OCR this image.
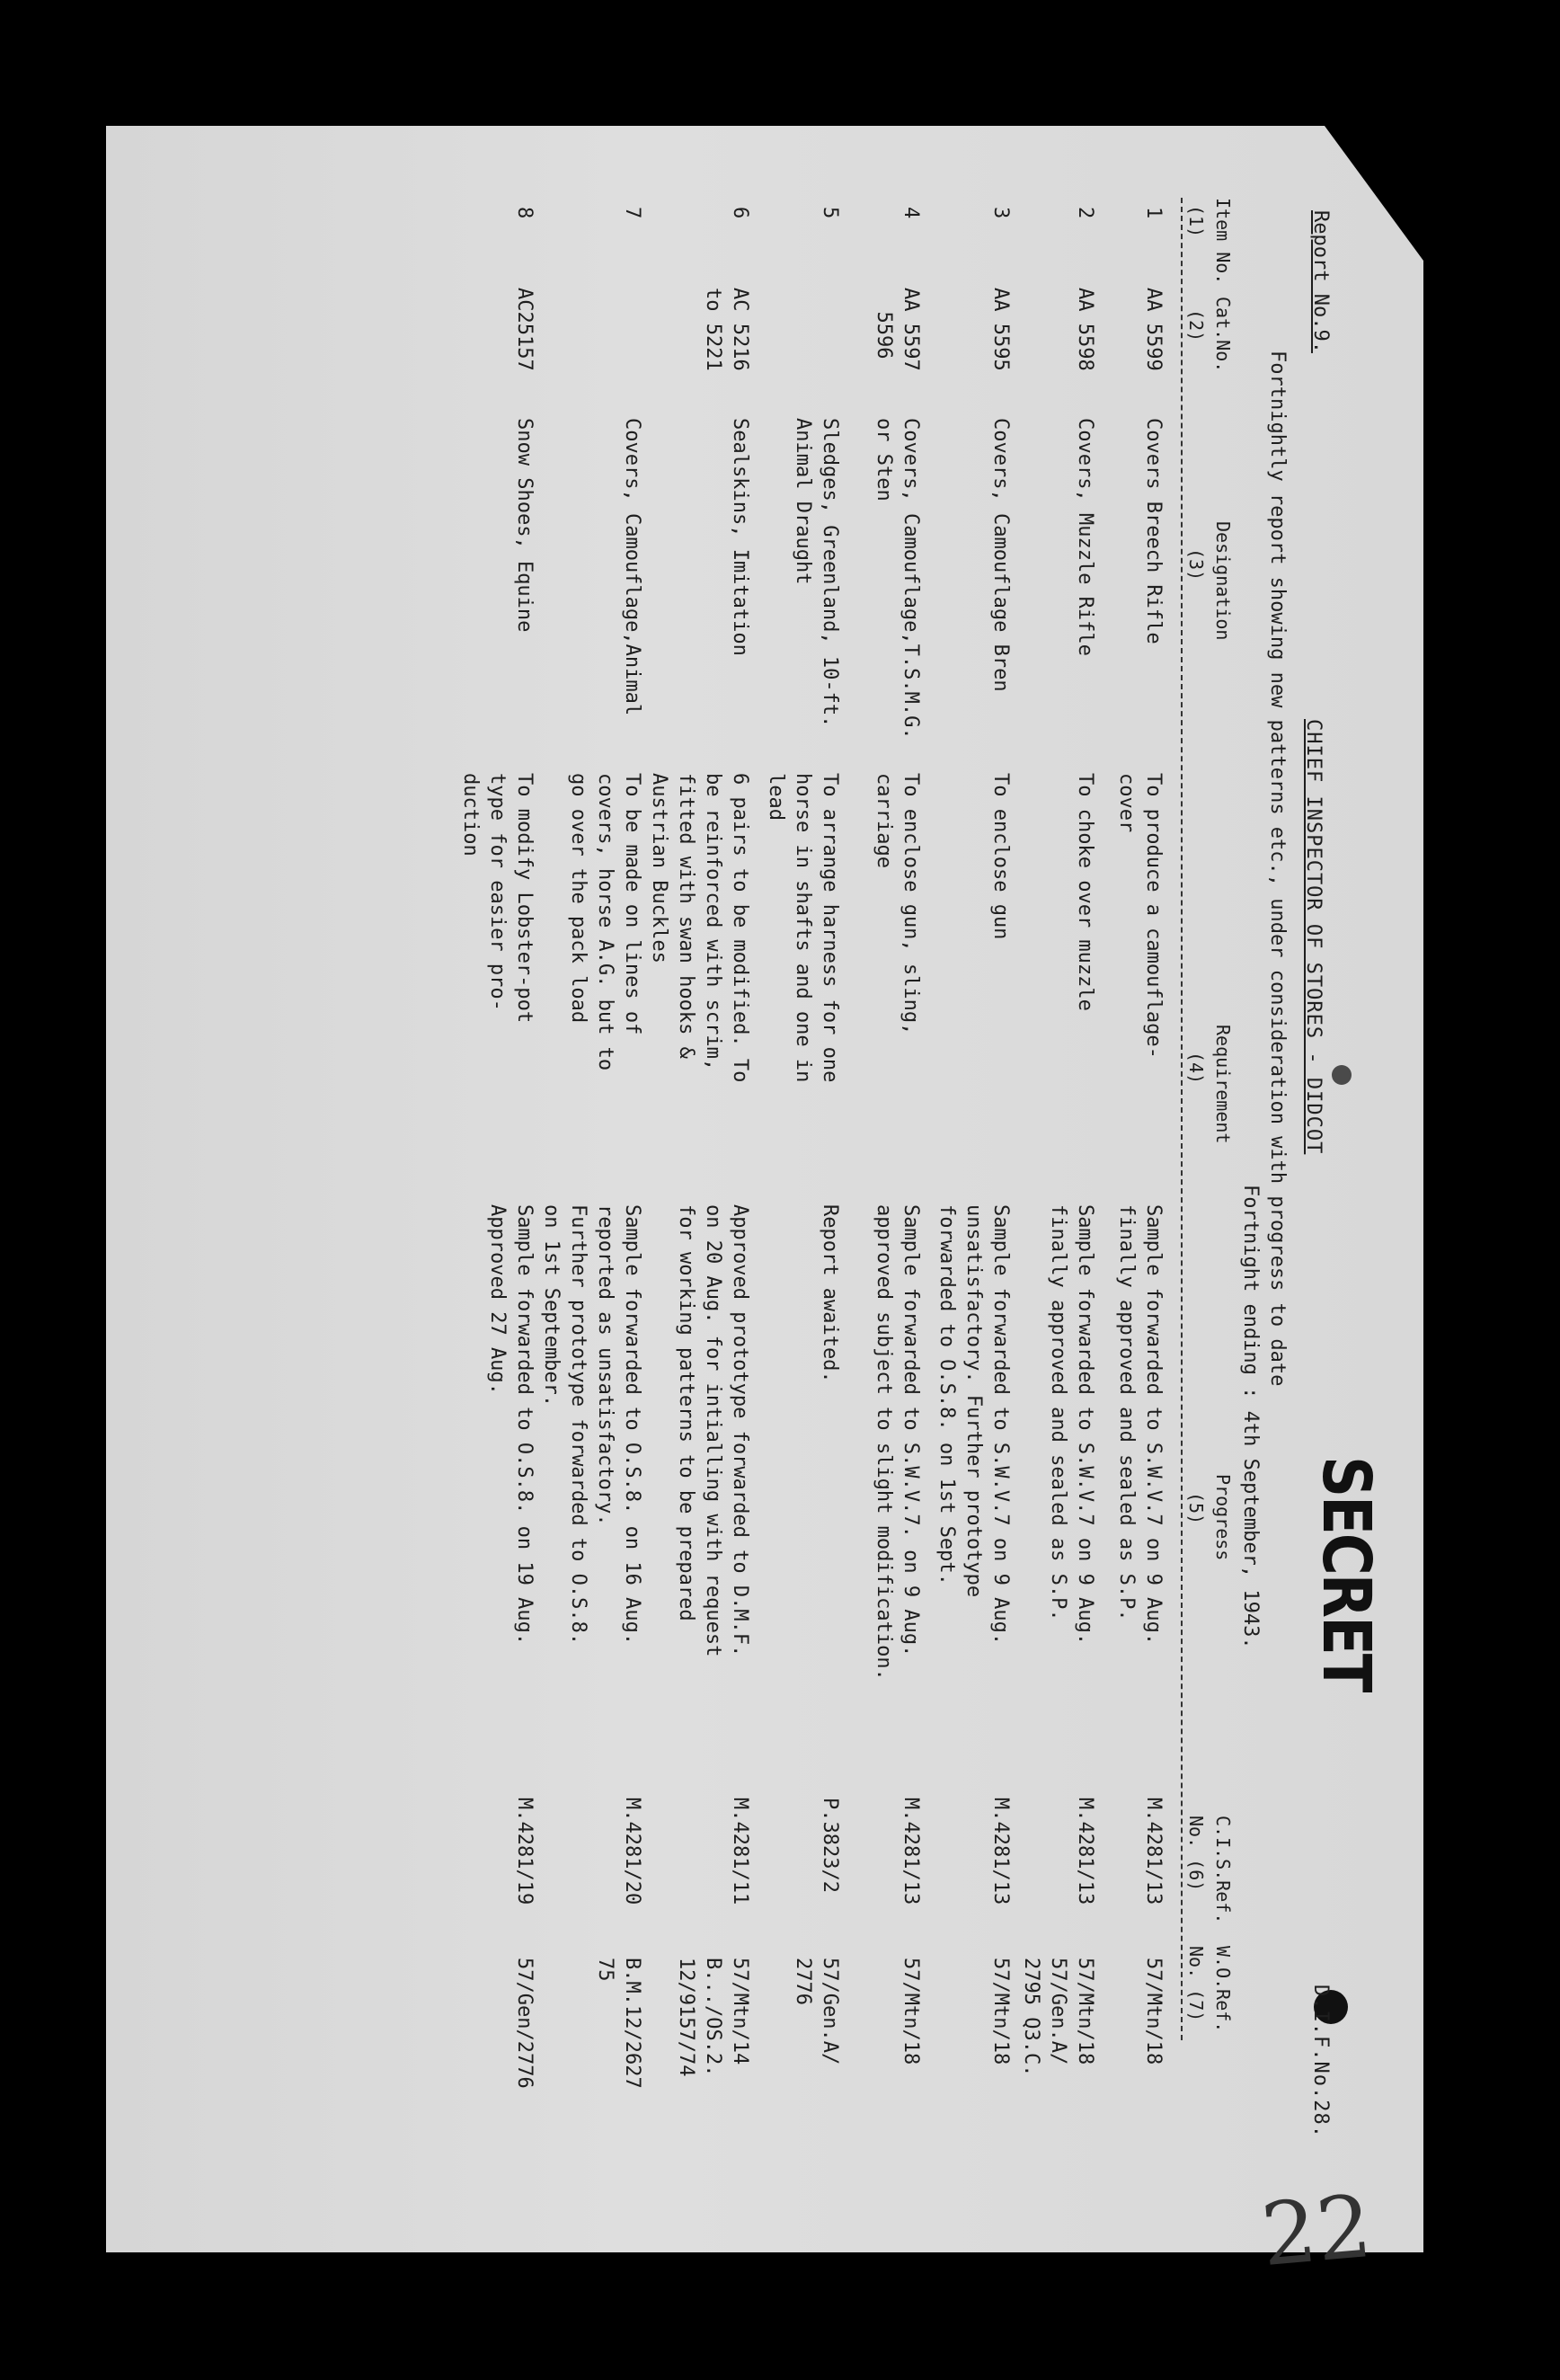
Report No.9.
CHIEF INSPECTOR OF STORES - DIDCOT
SECRET
D.I.F.No.28.
Fortnightly report showing new patterns etc., under consideration with progress to date
Fortnight ending : 4th September, 1943.
Item No.
(1)
Cat.No.
(2)
Designation
(3)
Requirement
(4)
Progress
(5)
C.I.S.Ref.
No. (6)
W.O.Ref.
No. (7)
1
AA 5599
Covers Breech Rifle
To produce a camouflage-
cover
Sample forwarded to S.W.V.7 on 9 Aug.
finally approved and sealed as S.P.
M.4281/13
57/Mtn/18
2
AA 5598
Covers, Muzzle Rifle
To choke over muzzle
Sample forwarded to S.W.V.7 on 9 Aug.
finally approved and sealed as S.P.
M.4281/13
57/Mtn/18
57/Gen.A/
2795 Q3.C.
3
AA 5595
Covers, Camouflage Bren
To enclose gun
Sample forwarded to S.W.V.7 on 9 Aug.
unsatisfactory. Further prototype
forwarded to O.S.8. on 1st Sept.
M.4281/13
57/Mtn/18
4
AA 5597
5596
Covers, Camouflage,T.S.M.G.
or Sten
To enclose gun, sling,
carriage
Sample forwarded to S.W.V.7. on 9 Aug.
approved subject to slight modification.
M.4281/13
57/Mtn/18
5
Sledges, Greenland, 10-ft.
Animal Draught
To arrange harness for one
horse in shafts and one in
lead
Report awaited.
P.3823/2
57/Gen.A/
2776
6
AC 5216
to 5221
Sealskins, Imitation
6 pairs to be modified. To
be reinforced with scrim,
fitted with swan hooks &
Austrian Buckles
Approved prototype forwarded to D.M.F.
on 20 Aug. for intialling with request
for working patterns to be prepared
M.4281/11
57/Mtn/14
B.../OS.2.
12/9157/74
7
Covers, Camouflage,Animal
To be made on lines of
covers, horse A.G. but to
go over the pack load
Sample forwarded to O.S.8. on 16 Aug.
reported as unsatisfactory.
Further prototype forwarded to O.S.8.
on 1st September.
M.4281/20
B.M.12/2627
75
8
AC25157
Snow Shoes, Equine
To modify Lobster-pot
type for easier pro-
duction
Sample forwarded to O.S.8. on 19 Aug.
Approved 27 Aug.
M.4281/19
57/Gen/2776
22
